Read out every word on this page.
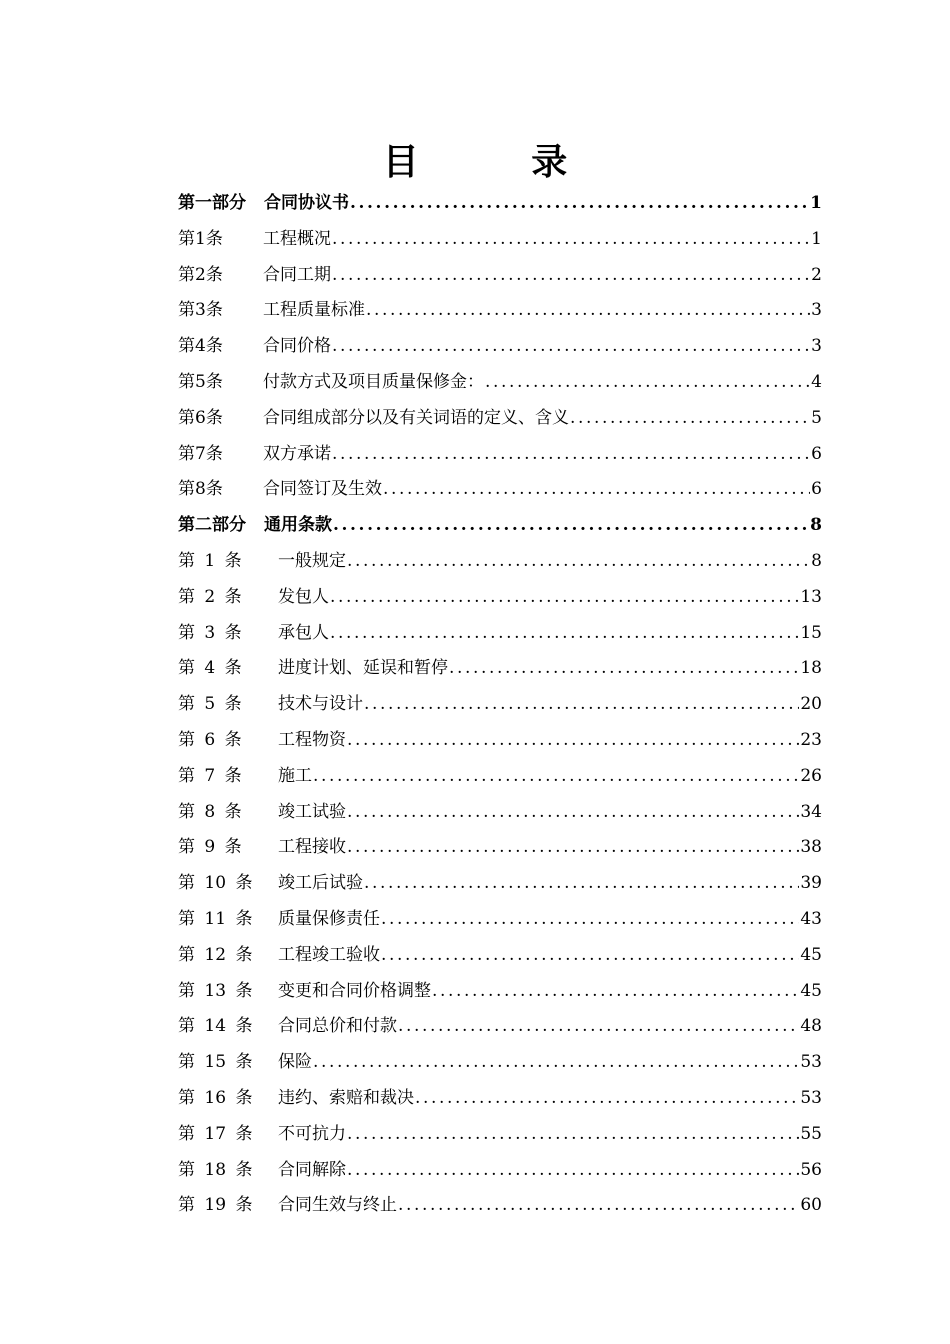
目 录
第一部分	合同协议书 .....	1
第1条	工程概况 .....	1
第2条	合同工期 .....	2
第3条	工程质量标准 .....	3
第4条	合同价格 .....	3
第5条	付款方式及项目质量保修金： .....	4
第6条	合同组成部分以及有关词语的定义、含义 .....	5
第7条	双方承诺 .....	6
第8条	合同签订及生效 .....	6
第二部分	通用条款 .....	8
第 1 条	一般规定 .....	8
第 2 条	发包人 .....	13
第 3 条	承包人 .....	15
第 4 条	进度计划、延误和暂停 .....	18
第 5 条	技术与设计 .....	20
第 6 条	工程物资 .....	23
第 7 条	施工 .....	26
第 8 条	竣工试验 .....	34
第 9 条	工程接收 .....	38
第 10 条	竣工后试验 .....	39
第 11 条	质量保修责任 .....	43
第 12 条	工程竣工验收 .....	45
第 13 条	变更和合同价格调整 .....	45
第 14 条	合同总价和付款 .....	48
第 15 条	保险 .....	53
第 16 条	违约、索赔和裁决 .....	53
第 17 条	不可抗力 .....	55
第 18 条	合同解除 .....	56
第 19 条	合同生效与终止 .....	60
